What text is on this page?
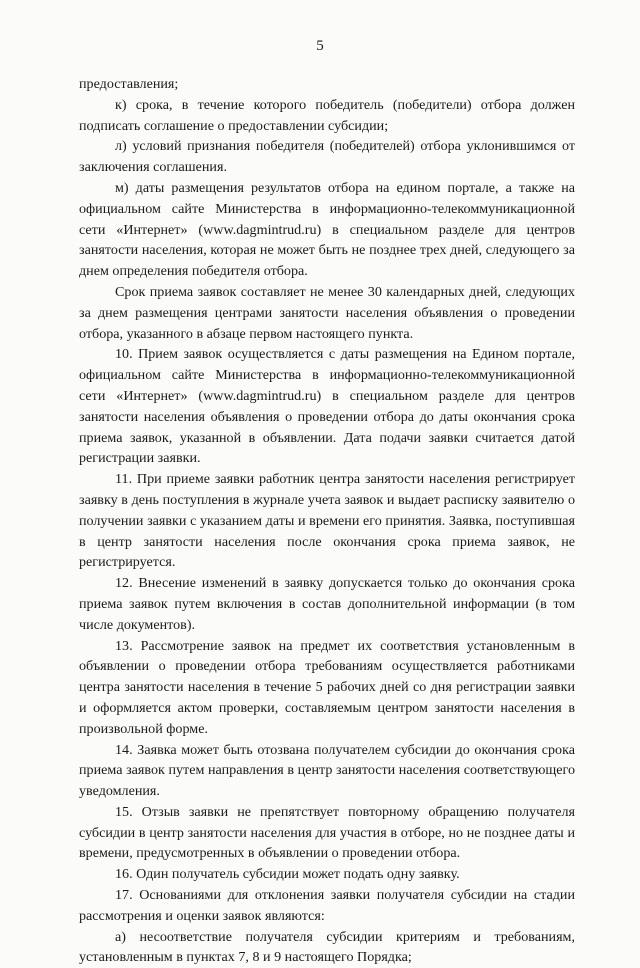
5

предоставления;

к) срока, в течение которого победитель (победители) отбора должен подписать соглашение о предоставлении субсидии;

л) условий признания победителя (победителей) отбора уклонившимся от заключения соглашения.

м) даты размещения результатов отбора на едином портале, а также на официальном сайте Министерства в информационно-телекоммуникационной сети «Интернет» (www.dagmintrud.ru) в специальном разделе для центров занятости населения, которая не может быть не позднее трех дней, следующего за днем определения победителя отбора.

Срок приема заявок составляет не менее 30 календарных дней, следующих за днем размещения центрами занятости населения объявления о проведении отбора, указанного в абзаце первом настоящего пункта.

10. Прием заявок осуществляется с даты размещения на Едином портале, официальном сайте Министерства в информационно-телекоммуникационной сети «Интернет» (www.dagmintrud.ru) в специальном разделе для центров занятости населения объявления о проведении отбора до даты окончания срока приема заявок, указанной в объявлении. Дата подачи заявки считается датой регистрации заявки.

11. При приеме заявки работник центра занятости населения регистрирует заявку в день поступления в журнале учета заявок и выдает расписку заявителю о получении заявки с указанием даты и времени его принятия. Заявка, поступившая в центр занятости населения после окончания срока приема заявок, не регистрируется.

12. Внесение изменений в заявку допускается только до окончания срока приема заявок путем включения в состав дополнительной информации (в том числе документов).

13. Рассмотрение заявок на предмет их соответствия установленным в объявлении о проведении отбора требованиям осуществляется работниками центра занятости населения в течение 5 рабочих дней со дня регистрации заявки и оформляется актом проверки, составляемым центром занятости населения в произвольной форме.

14. Заявка может быть отозвана получателем субсидии до окончания срока приема заявок путем направления в центр занятости населения соответствующего уведомления.

15. Отзыв заявки не препятствует повторному обращению получателя субсидии в центр занятости населения для участия в отборе, но не позднее даты и времени, предусмотренных в объявлении о проведении отбора.

16. Один получатель субсидии может подать одну заявку.

17. Основаниями для отклонения заявки получателя субсидии на стадии рассмотрения и оценки заявок являются:

а) несоответствие получателя субсидии критериям и требованиям, установленным в пунктах 7, 8 и 9 настоящего Порядка;
